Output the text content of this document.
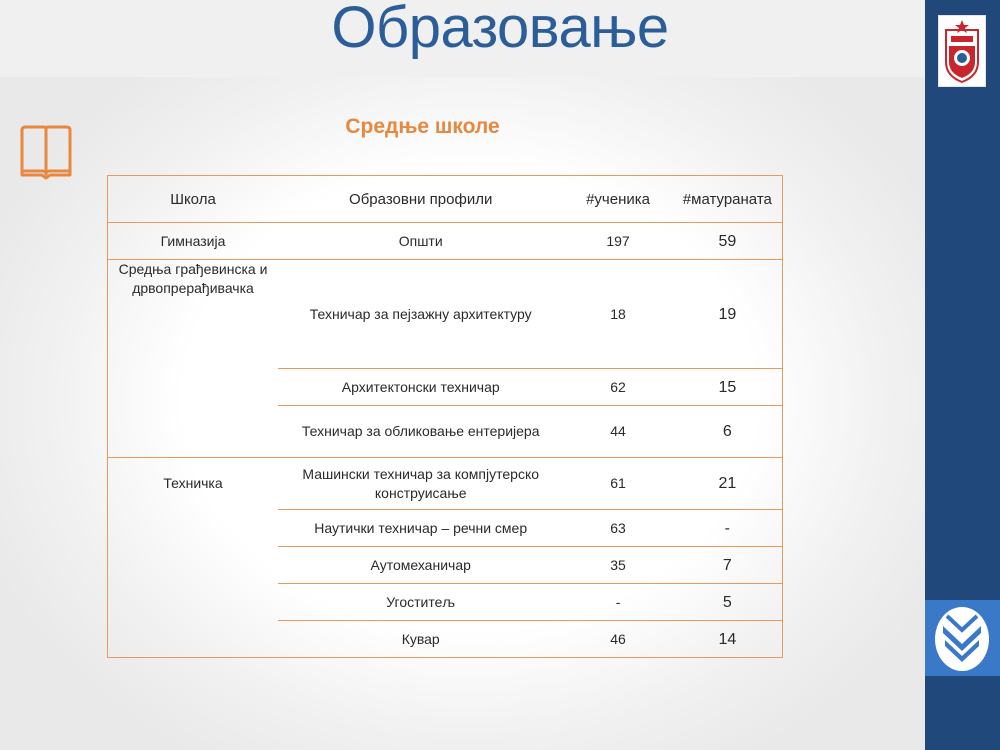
Образовање
Средње школе
Школа	Образовни профили	#ученика	#матураната
Гимназија	Општи	197	59

Средња грађевинска и дрвопрерађивачка	Техничар за пејзажну архитектуру	18	19
	Архитектонски техничар	62	15
	Техничар за обликовање ентеријера	44	6

Техничка	Машински техничар за компјутерско конструисање	61	21
	Наутички техничар – речни смер	63	-
	Аутомеханичар	35	7
	Угоститељ	-	5
	Кувар	46	14
